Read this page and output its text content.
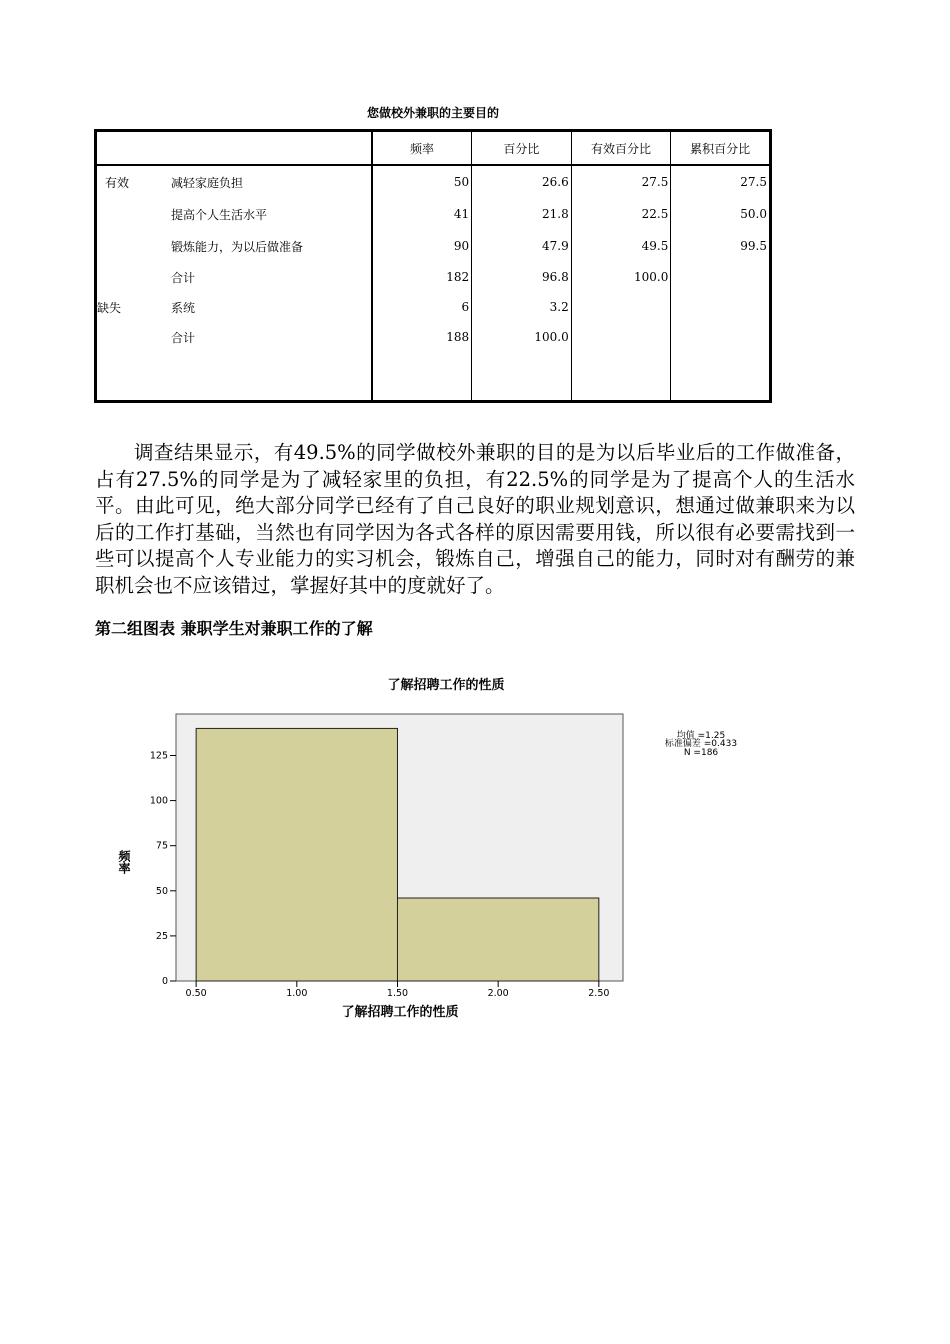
您做校外兼职的主要目的
		频率	百分比	有效百分比	累积百分比
有效	减轻家庭负担	50	26.6	27.5	27.5
	提高个人生活水平	41	21.8	22.5	50.0
	锻炼能力，为以后做准备	90	47.9	49.5	99.5
	合计	182	96.8	100.0	
缺失	系统	6	3.2		
	合计	188	100.0		

调查结果显示，有49.5%的同学做校外兼职的目的是为以后毕业后的工作做准备，占有27.5%的同学是为了减轻家里的负担，有22.5%的同学是为了提高个人的生活水平。由此可见，绝大部分同学已经有了自己良好的职业规划意识，想通过做兼职来为以后的工作打基础，当然也有同学因为各式各样的原因需要用钱，所以很有必要需找到一些可以提高个人专业能力的实习机会，锻炼自己，增强自己的能力，同时对有酬劳的兼职机会也不应该错过，掌握好其中的度就好了。

第二组图表 兼职学生对兼职工作的了解
了解招聘工作的性质
0
25
50
75
100
125
0.50	1.00	1.50	2.00	2.50
频率
了解招聘工作的性质
均值 =1.25
标准偏差 =0.433
N =186
